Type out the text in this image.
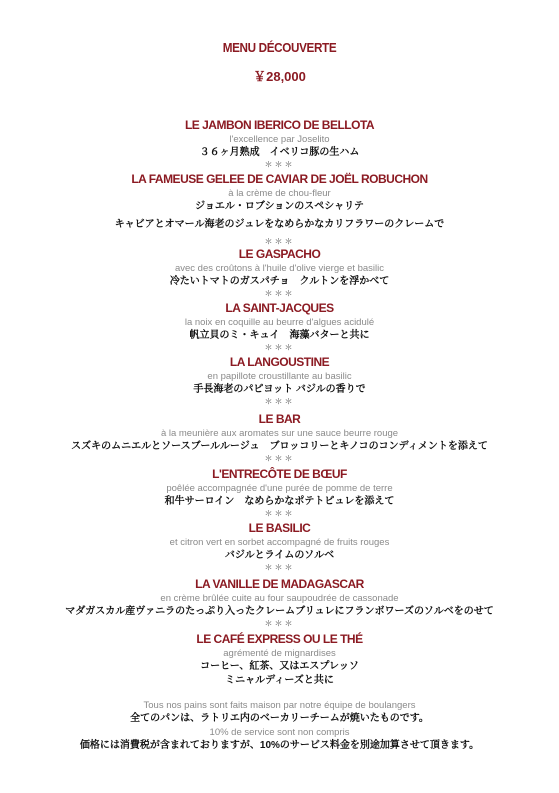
MENU DÉCOUVERTE
￥28,000
LE JAMBON IBERICO DE BELLOTA
l'excellence par Joselito
３６ヶ月熟成　イベリコ豚の生ハム
＊＊＊
LA FAMEUSE GELEE DE CAVIAR DE JOËL ROBUCHON
à la crème de chou-fleur
ジョエル・ロブションのスペシャリテ
キャビアとオマール海老のジュレをなめらかなカリフラワーのクレームで
＊＊＊
LE GASPACHO
avec des croûtons à l'huile d'olive vierge et basilic
冷たいトマトのガスパチョ　クルトンを浮かべて
＊＊＊
LA SAINT-JACQUES
la noix en coquille au beurre d'algues acidulé
帆立貝のミ・キュイ　海藻バターと共に
＊＊＊
LA LANGOUSTINE
en papillote croustillante au basilic
手長海老のパピヨット バジルの香りで
＊＊＊
LE BAR
à la meunière aux aromates sur une sauce beurre rouge
スズキのムニエルとソースブールルージュ　ブロッコリーとキノコのコンディメントを添えて
＊＊＊
L'ENTRECÔTE DE BŒUF
poêlée accompagnée d'une purée de pomme de terre
和牛サーロイン　なめらかなポテトピュレを添えて
＊＊＊
LE BASILIC
et citron vert en sorbet accompagné de fruits rouges
バジルとライムのソルベ
＊＊＊
LA VANILLE DE MADAGASCAR
en crème brûlée cuite au four saupoudrée de cassonade
マダガスカル産ヴァニラのたっぷり入ったクレームブリュレにフランボワーズのソルベをのせて
＊＊＊
LE CAFÉ EXPRESS OU LE THÉ
agrémenté de mignardises
コーヒー、紅茶、又はエスプレッソ
ミニャルディーズと共に
Tous nos pains sont faits maison par notre équipe de boulangers
全てのパンは、ラトリエ内のベーカリーチームが焼いたものです。
10% de service sont non compris
価格には消費税が含まれておりますが、10%のサービス料金を別途加算させて頂きます。
